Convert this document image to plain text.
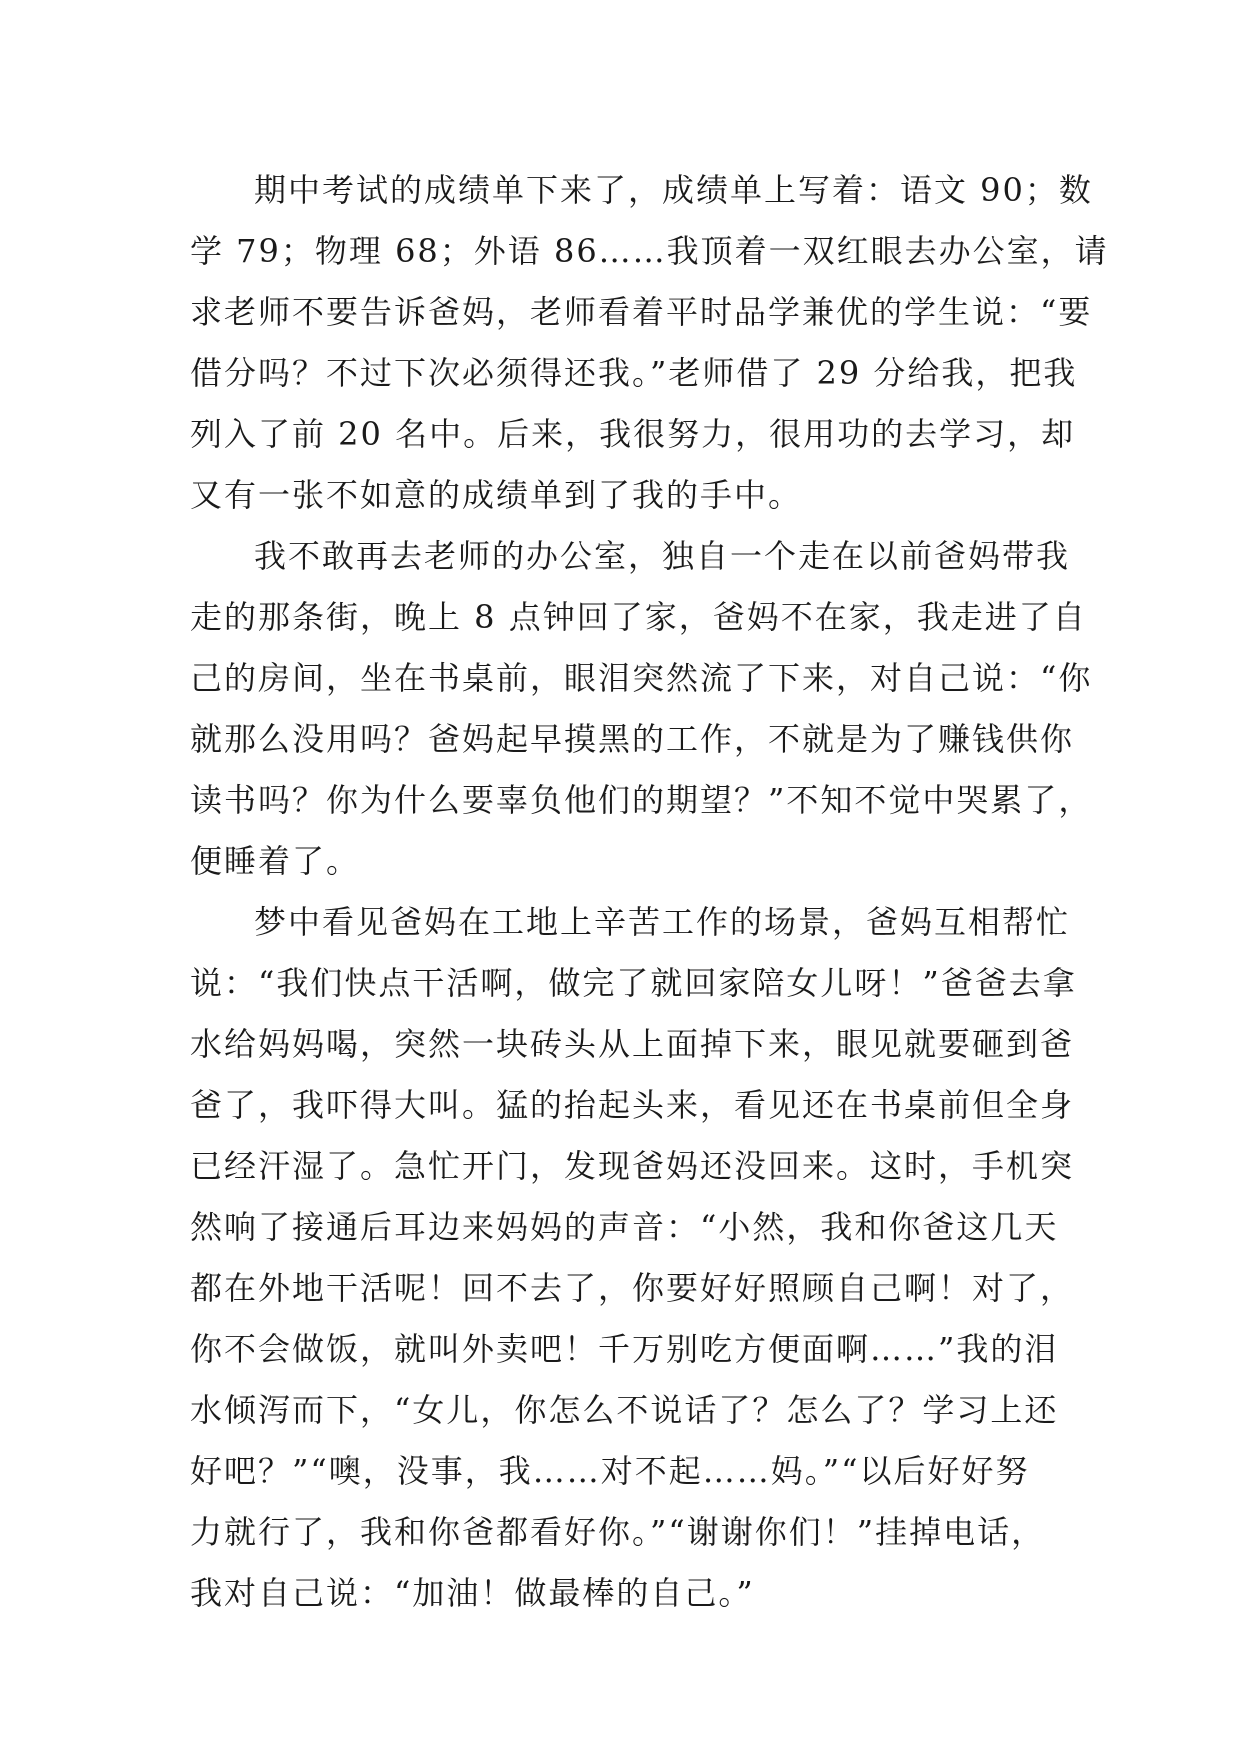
期中考试的成绩单下来了，成绩单上写着：语文 90；数
学 79；物理 68；外语 86……我顶着一双红眼去办公室，请
求老师不要告诉爸妈，老师看着平时品学兼优的学生说：“要
借分吗？不过下次必须得还我。”老师借了 29 分给我，把我
列入了前 20 名中。后来，我很努力，很用功的去学习，却
又有一张不如意的成绩单到了我的手中。

我不敢再去老师的办公室，独自一个走在以前爸妈带我
走的那条街，晚上 8 点钟回了家，爸妈不在家，我走进了自
己的房间，坐在书桌前，眼泪突然流了下来，对自己说：“你
就那么没用吗？爸妈起早摸黑的工作，不就是为了赚钱供你
读书吗？你为什么要辜负他们的期望？”不知不觉中哭累了，
便睡着了。

梦中看见爸妈在工地上辛苦工作的场景，爸妈互相帮忙
说：“我们快点干活啊，做完了就回家陪女儿呀！”爸爸去拿
水给妈妈喝，突然一块砖头从上面掉下来，眼见就要砸到爸
爸了，我吓得大叫。猛的抬起头来，看见还在书桌前但全身
已经汗湿了。急忙开门，发现爸妈还没回来。这时，手机突
然响了接通后耳边来妈妈的声音：“小然，我和你爸这几天
都在外地干活呢！回不去了，你要好好照顾自己啊！对了，
你不会做饭，就叫外卖吧！千万别吃方便面啊……”我的泪
水倾泻而下，“女儿，你怎么不说话了？怎么了？学习上还
好吧？”“噢，没事，我……对不起……妈。”“以后好好努
力就行了，我和你爸都看好你。”“谢谢你们！”挂掉电话，
我对自己说：“加油！做最棒的自己。”
